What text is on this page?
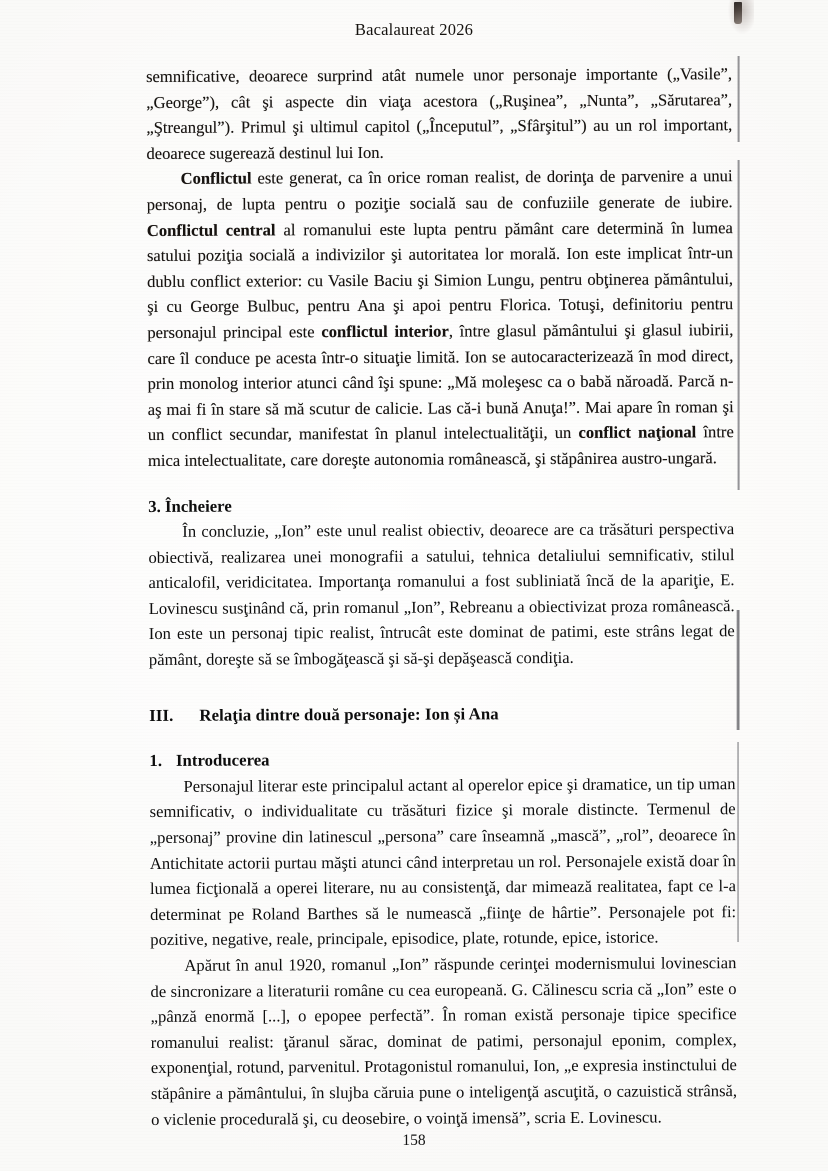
Bacalaureat 2026

semnificative, deoarece surprind atât numele unor personaje importante („Vasile”, „George”), cât şi aspecte din viaţa acestora („Ruşinea”, „Nunta”, „Sărutarea”, „Ştreangul”). Primul şi ultimul capitol („Începutul”, „Sfârşitul”) au un rol important, deoarece sugerează destinul lui Ion.

Conflictul este generat, ca în orice roman realist, de dorinţa de parvenire a unui personaj, de lupta pentru o poziţie socială sau de confuziile generate de iubire. Conflictul central al romanului este lupta pentru pământ care determină în lumea satului poziţia socială a indivizilor şi autoritatea lor morală. Ion este implicat într-un dublu conflict exterior: cu Vasile Baciu şi Simion Lungu, pentru obţinerea pământului, şi cu George Bulbuc, pentru Ana şi apoi pentru Florica. Totuşi, definitoriu pentru personajul principal este conflictul interior, între glasul pământului şi glasul iubirii, care îl conduce pe acesta într-o situaţie limită. Ion se autocaracterizează în mod direct, prin monolog interior atunci când îşi spune: „Mă moleşesc ca o babă năroadă. Parcă n-aş mai fi în stare să mă scutur de calicie. Las că-i bună Anuţa!”. Mai apare în roman şi un conflict secundar, manifestat în planul intelectualităţii, un conflict naţional între mica intelectualitate, care doreşte autonomia românească, şi stăpânirea austro-ungară.

3. Încheiere

În concluzie, „Ion” este unul realist obiectiv, deoarece are ca trăsături perspectiva obiectivă, realizarea unei monografii a satului, tehnica detaliului semnificativ, stilul anticalofil, veridicitatea. Importanţa romanului a fost subliniată încă de la apariţie, E. Lovinescu susţinând că, prin romanul „Ion”, Rebreanu a obiectivizat proza românească. Ion este un personaj tipic realist, întrucât este dominat de patimi, este strâns legat de pământ, doreşte să se îmbogăţească şi să-şi depăşească condiţia.

III. Relaţia dintre două personaje: Ion și Ana

1. Introducerea

Personajul literar este principalul actant al operelor epice şi dramatice, un tip uman semnificativ, o individualitate cu trăsături fizice şi morale distincte. Termenul de „personaj” provine din latinescul „persona” care înseamnă „mască”, „rol”, deoarece în Antichitate actorii purtau măşti atunci când interpretau un rol. Personajele există doar în lumea ficţională a operei literare, nu au consistenţă, dar mimează realitatea, fapt ce l-a determinat pe Roland Barthes să le numească „fiinţe de hârtie”. Personajele pot fi: pozitive, negative, reale, principale, episodice, plate, rotunde, epice, istorice.

Apărut în anul 1920, romanul „Ion” răspunde cerinţei modernismului lovinescian de sincronizare a literaturii române cu cea europeană. G. Călinescu scria că „Ion” este o „pânză enormă [...], o epopee perfectă”. În roman există personaje tipice specifice romanului realist: ţăranul sărac, dominat de patimi, personajul eponim, complex, exponenţial, rotund, parvenitul. Protagonistul romanului, Ion, „e expresia instinctului de stăpânire a pământului, în slujba căruia pune o inteligenţă ascuţită, o cazuistică strânsă, o viclenie procedurală şi, cu deosebire, o voinţă imensă”, scria E. Lovinescu.

158
